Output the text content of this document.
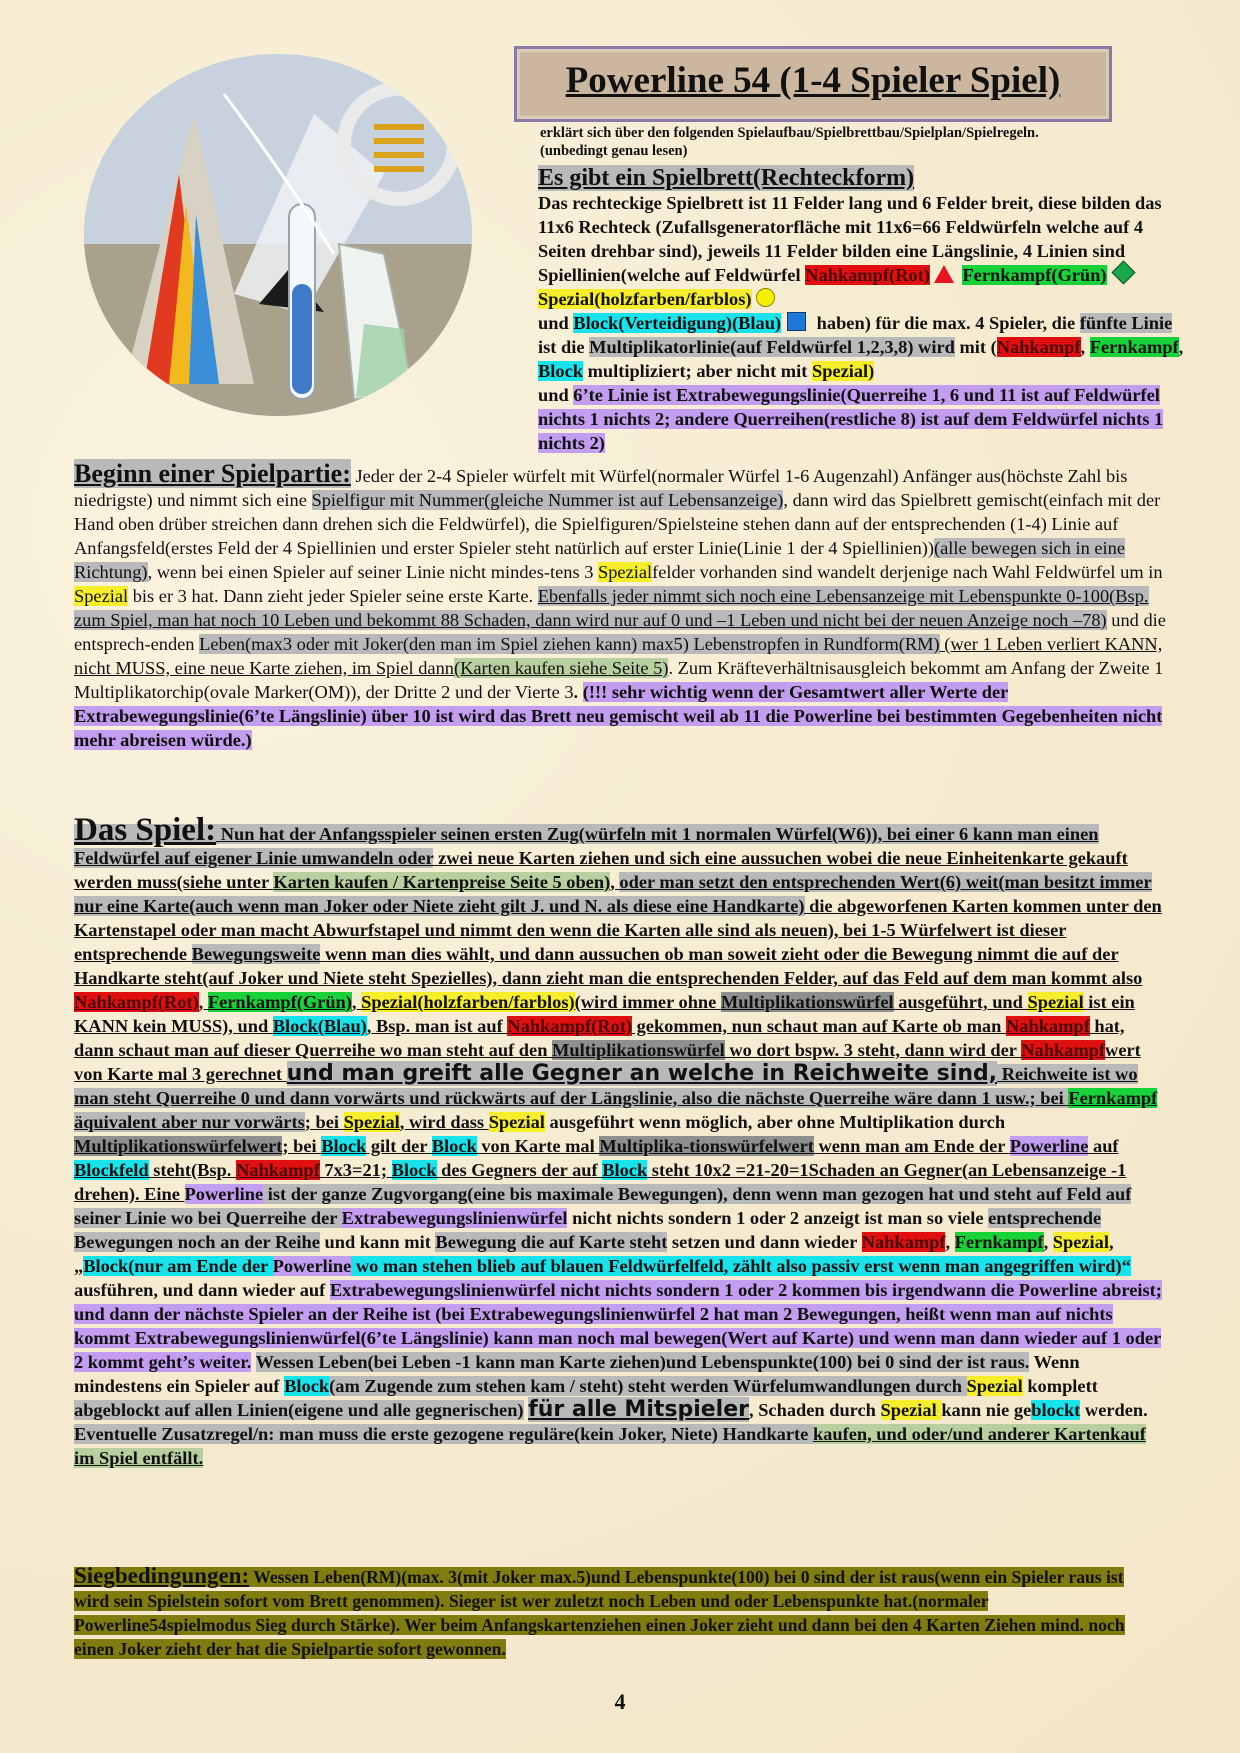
Powerline 54 (1-4 Spieler Spiel)
erklärt sich über den folgenden Spielaufbau/Spielbrettbau/Spielplan/Spielregeln.(unbedingt genau lesen)
Es gibt ein Spielbrett(Rechteckform)
Das rechteckige Spielbrett ist 11 Felder lang und 6 Felder breit, diese bilden das 11x6 Rechteck (Zufallsgeneratorfläche mit 11x6=66 Feldwürfeln welche auf 4 Seiten drehbar sind), jeweils 11 Felder bilden eine Längslinie, 4 Linien sind Spiellinien(welche auf Feldwürfel Nahkampf(Rot) Fernkampf(Grün)Spezial(holzfarben/farblos)
und Block(Verteidigung)(Blau) haben) für die max. 4 Spieler, die fünfte Linie ist die Multiplikatorlinie(auf Feldwürfel 1,2,3,8) wird mit (Nahkampf, Fernkampf, Block multipliziert; aber nicht mit Spezial)
und 6’te Linie ist Extrabewegungslinie(Querreihe 1, 6 und 11 ist auf Feldwürfel nichts 1 nichts 2; andere Querreihen(restliche 8) ist auf dem Feldwürfel nichts 1 nichts 2)
Beginn einer Spielpartie: Jeder der 2-4 Spieler würfelt mit Würfel(normaler Würfel 1-6 Augenzahl) Anfänger aus(höchste Zahl bis niedrigste) und nimmt sich eine Spielfigur mit Nummer(gleiche Nummer ist auf Lebensanzeige), dann wird das Spielbrett gemischt(einfach mit der Hand oben drüber streichen dann drehen sich die Feldwürfel), die Spielfiguren/Spielsteine stehen dann auf der entsprechenden (1-4) Linie auf Anfangsfeld(erstes Feld der 4 Spiellinien und erster Spieler steht natürlich auf erster Linie(Linie 1 der 4 Spiellinien))(alle bewegen sich in eine Richtung), wenn bei einen Spieler auf seiner Linie nicht mindes-tens 3 Spezialfelder vorhanden sind wandelt derjenige nach Wahl Feldwürfel um in Spezial bis er 3 hat. Dann zieht jeder Spieler seine erste Karte. Ebenfalls jeder nimmt sich noch eine Lebensanzeige mit Lebenspunkte 0-100(Bsp. zum Spiel, man hat noch 10 Leben und bekommt 88 Schaden, dann wird nur auf 0 und –1 Leben und nicht bei der neuen Anzeige noch –78) und die entsprech-enden Leben(max3 oder mit Joker(den man im Spiel ziehen kann) max5) Lebenstropfen in Rundform(RM) (wer 1 Leben verliert KANN, nicht MUSS, eine neue Karte ziehen, im Spiel dann(Karten kaufen siehe Seite 5). Zum Kräfteverhältnisausgleich bekommt am Anfang der Zweite 1 Multiplikatorchip(ovale Marker(OM)), der Dritte 2 und der Vierte 3. (!!! sehr wichtig wenn der Gesamtwert aller Werte der Extrabewegungslinie(6’te Längslinie) über 10 ist wird das Brett neu gemischt weil ab 11 die Powerline bei bestimmten Gegebenheiten nicht mehr abreisen würde.)
Das Spiel: Nun hat der Anfangsspieler seinen ersten Zug(würfeln mit 1 normalen Würfel(W6)), bei einer 6 kann man einen Feldwürfel auf eigener Linie umwandeln oder zwei neue Karten ziehen und sich eine aussuchen wobei die neue Einheitenkarte gekauft werden muss(siehe unter Karten kaufen / Kartenpreise Seite 5 oben), oder man setzt den entsprechenden Wert(6) weit(man besitzt immer nur eine Karte(auch wenn man Joker oder Niete zieht gilt J. und N. als diese eine Handkarte) die abgeworfenen Karten kommen unter den Kartenstapel oder man macht Abwurfstapel und nimmt den wenn die Karten alle sind als neuen), bei 1-5 Würfelwert ist dieser entsprechende Bewegungsweite wenn man dies wählt, und dann aussuchen ob man soweit zieht oder die Bewegung nimmt die auf der Handkarte steht(auf Joker und Niete steht Spezielles), dann zieht man die entsprechenden Felder, auf das Feld auf dem man kommt also Nahkampf(Rot), Fernkampf(Grün), Spezial(holzfarben/farblos)(wird immer ohne Multiplikationswürfel ausgeführt, und Spezial ist ein KANN kein MUSS), und Block(Blau), Bsp. man ist auf Nahkampf(Rot) gekommen, nun schaut man auf Karte ob man Nahkampf hat, dann schaut man auf dieser Querreihe wo man steht auf den Multiplikationswürfel wo dort bspw. 3 steht, dann wird der Nahkampfwert von Karte mal 3 gerechnet und man greift alle Gegner an welche in Reichweite sind, Reichweite ist wo man steht Querreihe 0 und dann vorwärts und rückwärts auf der Längslinie, also die nächste Querreihe wäre dann 1 usw.; bei Fernkampf äquivalent aber nur vorwärts; bei Spezial, wird dass Spezial ausgeführt wenn möglich, aber ohne Multiplikation durch Multiplikationswürfelwert; bei Block gilt der Block von Karte mal Multiplika-tionswürfelwert wenn man am Ende der Powerline auf Blockfeld steht(Bsp. Nahkampf 7x3=21; Block des Gegners der auf Block steht 10x2 =21-20=1Schaden an Gegner(an Lebensanzeige -1 drehen). Eine Powerline ist der ganze Zugvorgang(eine bis maximale Bewegungen), denn wenn man gezogen hat und steht auf Feld auf seiner Linie wo bei Querreihe der Extrabewegungslinienwürfel nicht nichts sondern 1 oder 2 anzeigt ist man so viele entsprechende Bewegungen noch an der Reihe und kann mit Bewegung die auf Karte steht setzen und dann wieder Nahkampf, Fernkampf, Spezial, „Block(nur am Ende der Powerline wo man stehen blieb auf blauen Feldwürfelfeld, zählt also passiv erst wenn man angegriffen wird)“ ausführen, und dann wieder auf Extrabewegungslinienwürfel nicht nichts sondern 1 oder 2 kommen bis irgendwann die Powerline abreist; und dann der nächste Spieler an der Reihe ist (bei Extrabewegungslinienwürfel 2 hat man 2 Bewegungen, heißt wenn man auf nichts kommt Extrabewegungslinienwürfel(6’te Längslinie) kann man noch mal bewegen(Wert auf Karte) und wenn man dann wieder auf 1 oder 2 kommt geht’s weiter. Wessen Leben(bei Leben -1 kann man Karte ziehen)und Lebenspunkte(100) bei 0 sind der ist raus. Wenn mindestens ein Spieler auf Block(am Zugende zum stehen kam / steht) steht werden Würfelumwandlungen durch Spezial komplett abgeblockt auf allen Linien(eigene und alle gegnerischen) für alle Mitspieler, Schaden durch Spezial kann nie geblockt werden. Eventuelle Zusatzregel/n: man muss die erste gezogene reguläre(kein Joker, Niete) Handkarte kaufen, und oder/und anderer Kartenkauf im Spiel entfällt.
Siegbedingungen: Wessen Leben(RM)(max. 3(mit Joker max.5)und Lebenspunkte(100) bei 0 sind der ist raus(wenn ein Spieler raus ist wird sein Spielstein sofort vom Brett genommen). Sieger ist wer zuletzt noch Leben und oder Lebenspunkte hat.(normaler Powerline54spielmodus Sieg durch Stärke). Wer beim Anfangskartenziehen einen Joker zieht und dann bei den 4 Karten Ziehen mind. noch einen Joker zieht der hat die Spielpartie sofort gewonnen.
4
